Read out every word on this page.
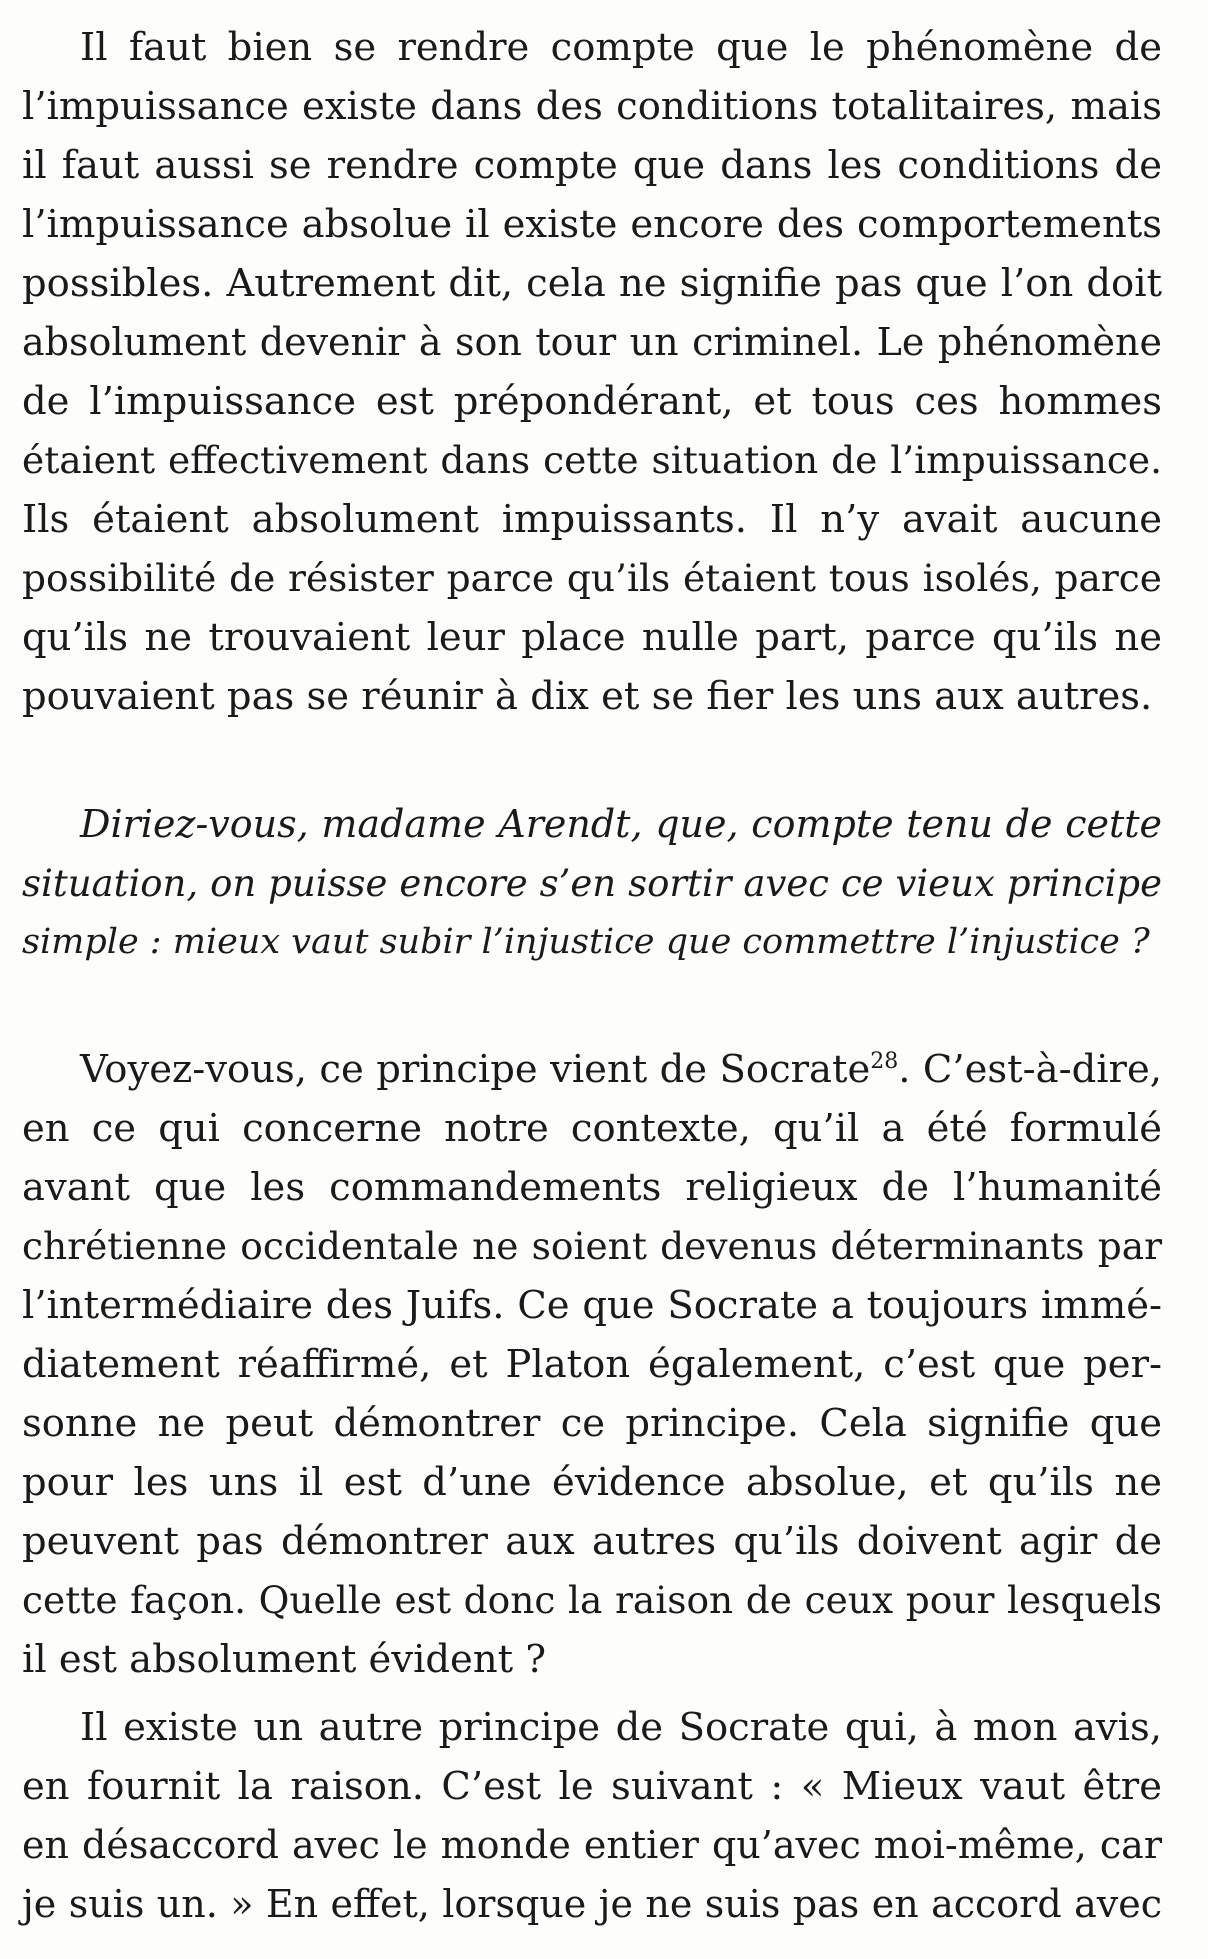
Il faut bien se rendre compte que le phénomène de
l’impuissance existe dans des conditions totalitaires, mais
il faut aussi se rendre compte que dans les conditions de
l’impuissance absolue il existe encore des comportements
possibles. Autrement dit, cela ne signifie pas que l’on doit
absolument devenir à son tour un criminel. Le phénomène
de l’impuissance est prépondérant, et tous ces hommes
étaient effectivement dans cette situation de l’impuissance.
Ils étaient absolument impuissants. Il n’y avait aucune
possibilité de résister parce qu’ils étaient tous isolés, parce
qu’ils ne trouvaient leur place nulle part, parce qu’ils ne
pouvaient pas se réunir à dix et se fier les uns aux autres.
Diriez-vous, madame Arendt, que, compte tenu de cette
situation, on puisse encore s’en sortir avec ce vieux principe
simple : mieux vaut subir l’injustice que commettre l’injustice ?
Voyez-vous, ce principe vient de Socrate$^{28}$. C’est-à-dire,
en ce qui concerne notre contexte, qu’il a été formulé
avant que les commandements religieux de l’humanité
chrétienne occidentale ne soient devenus déterminants par
l’intermédiaire des Juifs. Ce que Socrate a toujours immé-
diatement réaffirmé, et Platon également, c’est que per-
sonne ne peut démontrer ce principe. Cela signifie que
pour les uns il est d’une évidence absolue, et qu’ils ne
peuvent pas démontrer aux autres qu’ils doivent agir de
cette façon. Quelle est donc la raison de ceux pour lesquels
il est absolument évident ?
Il existe un autre principe de Socrate qui, à mon avis,
en fournit la raison. C’est le suivant : « Mieux vaut être
en désaccord avec le monde entier qu’avec moi-même, car
je suis un. » En effet, lorsque je ne suis pas en accord avec
